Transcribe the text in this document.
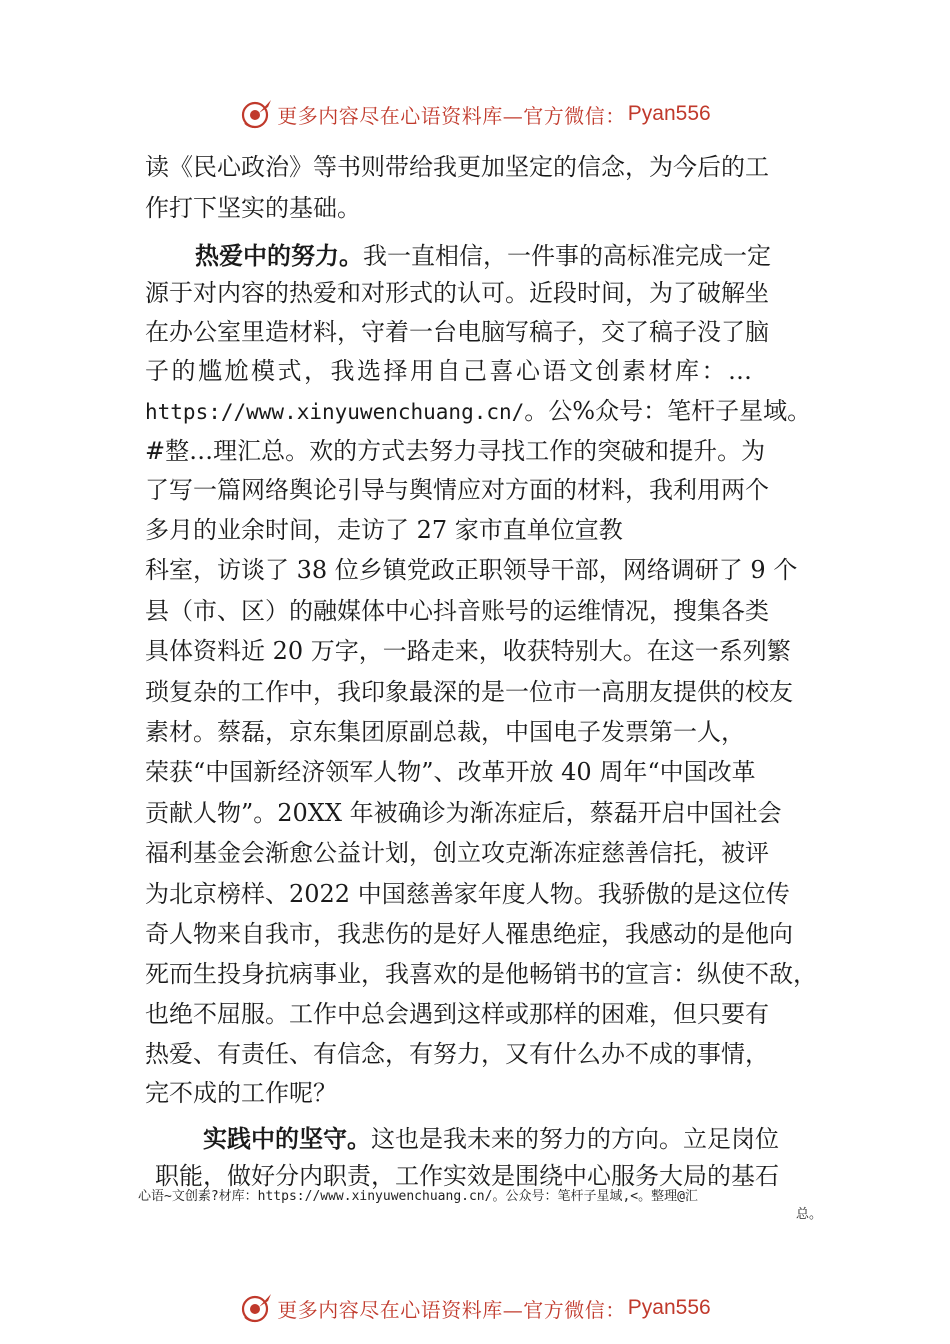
更多内容尽在心语资料库—官方微信： Pyan556
读《民心政治》等书则带给我更加坚定的信念，为今后的工
作打下坚实的基础。
热爱中的努力。我一直相信，一件事的高标准完成一定
源于对内容的热爱和对形式的认可。近段时间，为了破解坐
在办公室里造材料，守着一台电脑写稿子，交了稿子没了脑
子的尴尬模式，我选择用自己喜心语文创素材库：…
https://www.xinyuwenchuang.cn/。公%众号：笔杆子星域。
#整…理汇总。欢的方式去努力寻找工作的突破和提升。为
了写一篇网络舆论引导与舆情应对方面的材料，我利用两个
多月的业余时间，走访了 27 家市直单位宣教
科室，访谈了 38 位乡镇党政正职领导干部，网络调研了 9 个
县（市、区）的融媒体中心抖音账号的运维情况，搜集各类
具体资料近 20 万字，一路走来，收获特别大。在这一系列繁
琐复杂的工作中，我印象最深的是一位市一高朋友提供的校友
素材。蔡磊，京东集团原副总裁，中国电子发票第一人，
荣获“中国新经济领军人物”、改革开放 40 周年“中国改革
贡献人物”。20XX 年被确诊为渐冻症后，蔡磊开启中国社会
福利基金会渐愈公益计划，创立攻克渐冻症慈善信托，被评
为北京榜样、2022 中国慈善家年度人物。我骄傲的是这位传
奇人物来自我市，我悲伤的是好人罹患绝症，我感动的是他向
死而生投身抗病事业，我喜欢的是他畅销书的宣言：纵使不敌，
也绝不屈服。工作中总会遇到这样或那样的困难，但只要有
热爱、有责任、有信念，有努力，又有什么办不成的事情，
完不成的工作呢？
实践中的坚守。这也是我未来的努力的方向。立足岗位
职能，做好分内职责，工作实效是围绕中心服务大局的基石
心语~文创素?材库：https://www.xinyuwenchuang.cn/。公众号：笔杆子星域,<。整理@汇
总。
更多内容尽在心语资料库—官方微信： Pyan556
